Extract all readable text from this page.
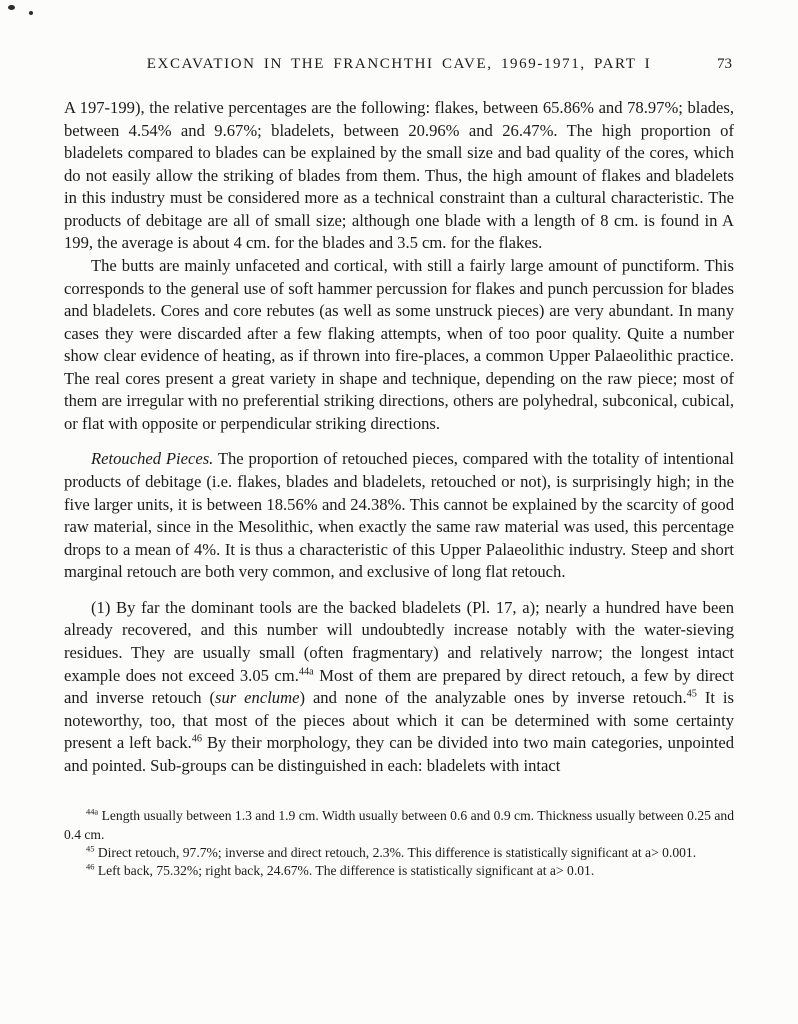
EXCAVATION IN THE FRANCHTHI CAVE, 1969-1971, PART I	73

A 197-199), the relative percentages are the following: flakes, between 65.86% and 78.97%; blades, between 4.54% and 9.67%; bladelets, between 20.96% and 26.47%. The high proportion of bladelets compared to blades can be explained by the small size and bad quality of the cores, which do not easily allow the striking of blades from them. Thus, the high amount of flakes and bladelets in this industry must be considered more as a technical constraint than a cultural characteristic. The products of debitage are all of small size; although one blade with a length of 8 cm. is found in A 199, the average is about 4 cm. for the blades and 3.5 cm. for the flakes.

The butts are mainly unfaceted and cortical, with still a fairly large amount of punctiform. This corresponds to the general use of soft hammer percussion for flakes and punch percussion for blades and bladelets. Cores and core rebutes (as well as some unstruck pieces) are very abundant. In many cases they were discarded after a few flaking attempts, when of too poor quality. Quite a number show clear evidence of heating, as if thrown into fire-places, a common Upper Palaeolithic practice. The real cores present a great variety in shape and technique, depending on the raw piece; most of them are irregular with no preferential striking directions, others are polyhedral, subconical, cubical, or flat with opposite or perpendicular striking directions.

Retouched Pieces. The proportion of retouched pieces, compared with the totality of intentional products of debitage (i.e. flakes, blades and bladelets, retouched or not), is surprisingly high; in the five larger units, it is between 18.56% and 24.38%. This cannot be explained by the scarcity of good raw material, since in the Mesolithic, when exactly the same raw material was used, this percentage drops to a mean of 4%. It is thus a characteristic of this Upper Palaeolithic industry. Steep and short marginal retouch are both very common, and exclusive of long flat retouch.

(1) By far the dominant tools are the backed bladelets (Pl. 17, a); nearly a hundred have been already recovered, and this number will undoubtedly increase notably with the water-sieving residues. They are usually small (often fragmentary) and relatively narrow; the longest intact example does not exceed 3.05 cm.$^{44a}$ Most of them are prepared by direct retouch, a few by direct and inverse retouch (sur enclume) and none of the analyzable ones by inverse retouch.$^{45}$ It is noteworthy, too, that most of the pieces about which it can be determined with some certainty present a left back.$^{46}$ By their morphology, they can be divided into two main categories, unpointed and pointed. Sub-groups can be distinguished in each: bladelets with intact

$^{44a}$ Length usually between 1.3 and 1.9 cm. Width usually between 0.6 and 0.9 cm. Thickness usually between 0.25 and 0.4 cm.

$^{45}$ Direct retouch, 97.7%; inverse and direct retouch, 2.3%. This difference is statistically significant at a> 0.001.

$^{46}$ Left back, 75.32%; right back, 24.67%. The difference is statistically significant at a> 0.01.
